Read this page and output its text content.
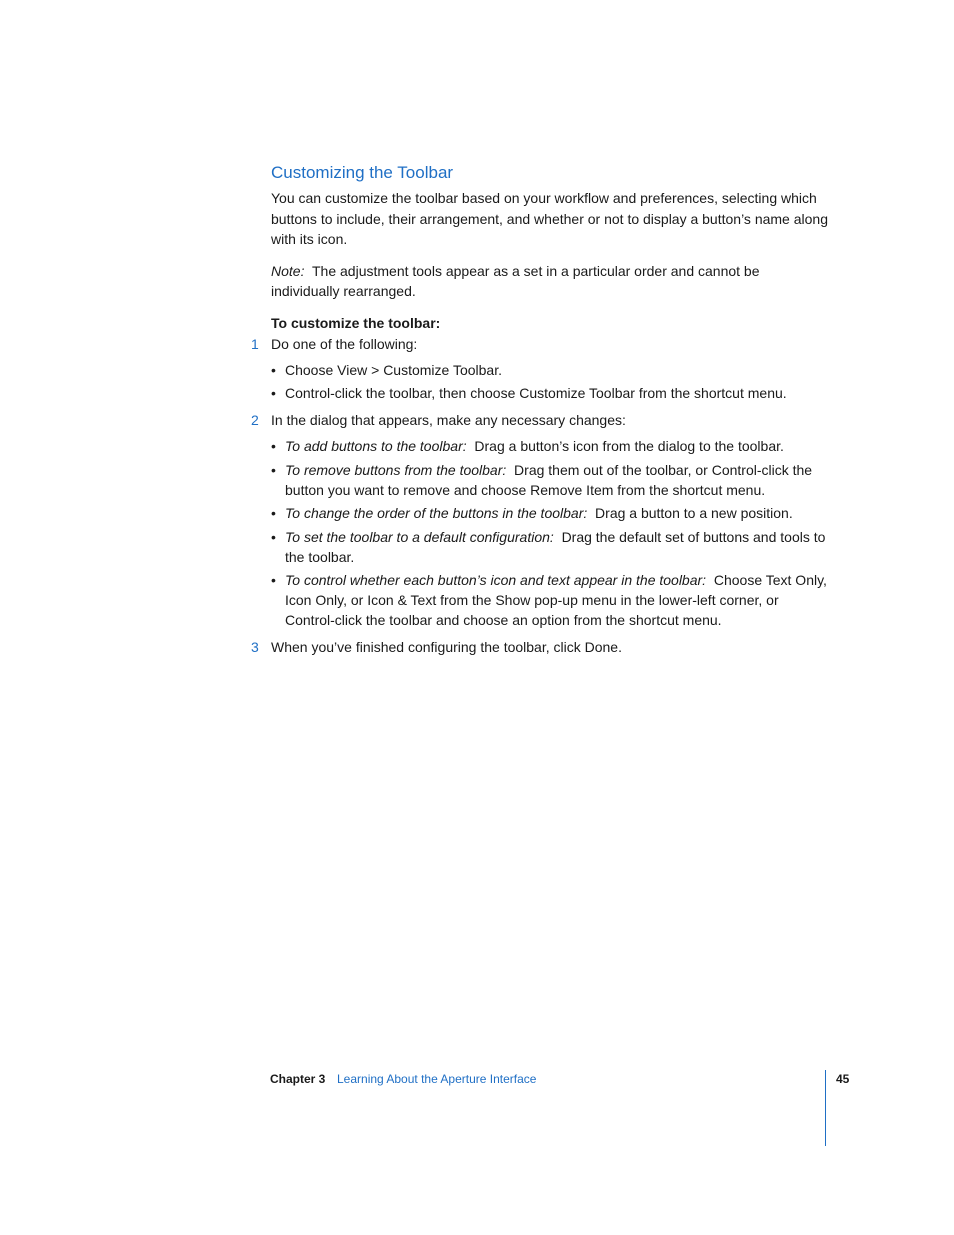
Customizing the Toolbar

You can customize the toolbar based on your workflow and preferences, selecting which buttons to include, their arrangement, and whether or not to display a button’s name along with its icon.

Note: The adjustment tools appear as a set in a particular order and cannot be individually rearranged.

To customize the toolbar:
1 Do one of the following:
• Choose View > Customize Toolbar.
• Control-click the toolbar, then choose Customize Toolbar from the shortcut menu.
2 In the dialog that appears, make any necessary changes:
• To add buttons to the toolbar: Drag a button’s icon from the dialog to the toolbar.
• To remove buttons from the toolbar: Drag them out of the toolbar, or Control-click the button you want to remove and choose Remove Item from the shortcut menu.
• To change the order of the buttons in the toolbar: Drag a button to a new position.
• To set the toolbar to a default configuration: Drag the default set of buttons and tools to the toolbar.
• To control whether each button’s icon and text appear in the toolbar: Choose Text Only, Icon Only, or Icon & Text from the Show pop-up menu in the lower-left corner, or Control-click the toolbar and choose an option from the shortcut menu.
3 When you’ve finished configuring the toolbar, click Done.
Chapter 3 Learning About the Aperture Interface	45
